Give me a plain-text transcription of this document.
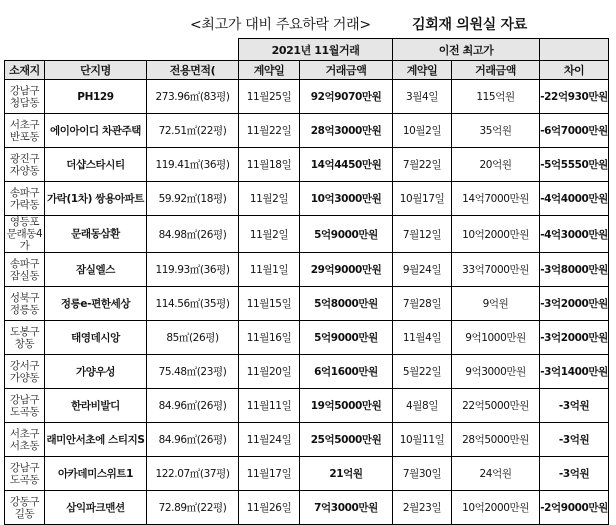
<최고가 대비 주요하락 거래>	김회재 의원실 자료
			2021년 11월거래		이전 최고가		
소재지	단지명	전용면적(	계약일	거래금액	계약일	거래금액	차이
강남구 청담동	PH129	273.96㎡(83평)	11월25일	92억9070만원	3월4일	115억원	-22억930만원
서초구 반포동	에이아이디 차관주택	72.51㎡(22평)	11월22일	28억3000만원	10월2일	35억원	-6억7000만원
광진구 자양동	더샵스타시티	119.41㎡(36평)	11월18일	14억4450만원	7월22일	20억원	-5억5550만원
송파구 가락동	가락(1차) 쌍용아파트	59.92㎡(18평)	11월2일	10억3000만원	10월17일	14억7000만원	-4억4000만원
영등포 문래동4가	문래동삼환	84.98㎡(26평)	11월2일	5억9000만원	7월12일	10억2000만원	-4억3000만원
송파구 잠실동	잠실엘스	119.93㎡(36평)	11월1일	29억9000만원	9월24일	33억7000만원	-3억8000만원
성북구 정릉동	정릉e-편한세상	114.56㎡(35평)	11월15일	5억8000만원	7월28일	9억원	-3억2000만원
도봉구 창동	태영데시앙	85㎡(26평)	11월16일	5억9000만원	11월4일	9억1000만원	-3억2000만원
강서구 가양동	가양우성	75.48㎡(23평)	11월20일	6억1600만원	5월22일	9억3000만원	-3억1400만원
강남구 도곡동	한라비발디	84.96㎡(26평)	11월11일	19억5000만원	4월8일	22억5000만원	-3억원
서초구 서초동	래미안서초에 스티지S	84.96㎡(26평)	11월24일	25억5000만원	10월11일	28억5000만원	-3억원
강남구 도곡동	아카데미스위트1	122.07㎡(37평)	11월17일	21억원	7월30일	24억원	-3억원
강동구 길동	삼익파크맨션	72.89㎡(22평)	11월26일	7억3000만원	2월23일	10억2000만원	-2억9000만원
